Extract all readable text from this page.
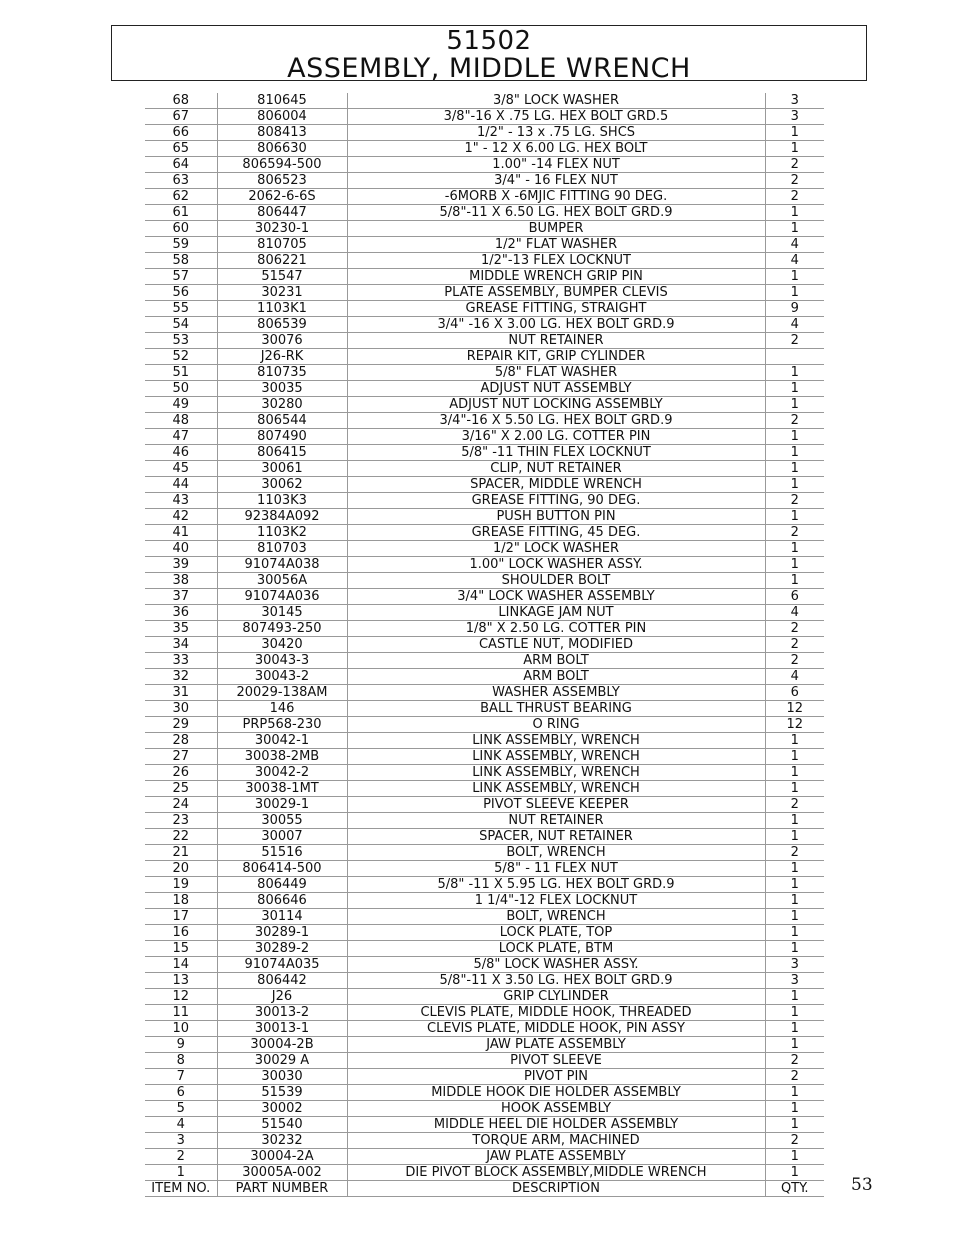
51502
ASSEMBLY, MIDDLE WRENCH
68	810645	3/8" LOCK WASHER	3
67	806004	3/8"-16 X .75 LG. HEX BOLT GRD.5	3
66	808413	1/2" - 13 x .75 LG. SHCS	1
65	806630	1" - 12 X 6.00 LG. HEX BOLT	1
64	806594-500	1.00" -14 FLEX NUT	2
63	806523	3/4" - 16 FLEX NUT	2
62	2062-6-6S	-6MORB X -6MJIC FITTING 90 DEG.	2
61	806447	5/8"-11 X 6.50 LG. HEX BOLT GRD.9	1
60	30230-1	BUMPER	1
59	810705	1/2" FLAT WASHER	4
58	806221	1/2"-13 FLEX LOCKNUT	4
57	51547	MIDDLE WRENCH GRIP PIN	1
56	30231	PLATE ASSEMBLY, BUMPER CLEVIS	1
55	1103K1	GREASE FITTING, STRAIGHT	9
54	806539	3/4" -16 X 3.00 LG. HEX BOLT GRD.9	4
53	30076	NUT RETAINER	2
52	J26-RK	REPAIR KIT, GRIP CYLINDER	
51	810735	5/8" FLAT WASHER	1
50	30035	ADJUST NUT ASSEMBLY	1
49	30280	ADJUST NUT LOCKING ASSEMBLY	1
48	806544	3/4"-16 X 5.50 LG. HEX BOLT GRD.9	2
47	807490	3/16" X 2.00 LG. COTTER PIN	1
46	806415	5/8" -11 THIN FLEX LOCKNUT	1
45	30061	CLIP, NUT RETAINER	1
44	30062	SPACER, MIDDLE WRENCH	1
43	1103K3	GREASE FITTING, 90 DEG.	2
42	92384A092	PUSH BUTTON PIN	1
41	1103K2	GREASE FITTING, 45 DEG.	2
40	810703	1/2" LOCK WASHER	1
39	91074A038	1.00" LOCK WASHER ASSY.	1
38	30056A	SHOULDER BOLT	1
37	91074A036	3/4" LOCK WASHER ASSEMBLY	6
36	30145	LINKAGE JAM NUT	4
35	807493-250	1/8" X 2.50 LG. COTTER PIN	2
34	30420	CASTLE NUT, MODIFIED	2
33	30043-3	ARM BOLT	2
32	30043-2	ARM BOLT	4
31	20029-138AM	WASHER ASSEMBLY	6
30	146	BALL THRUST BEARING	12
29	PRP568-230	O RING	12
28	30042-1	LINK ASSEMBLY, WRENCH	1
27	30038-2MB	LINK ASSEMBLY, WRENCH	1
26	30042-2	LINK ASSEMBLY, WRENCH	1
25	30038-1MT	LINK ASSEMBLY, WRENCH	1
24	30029-1	PIVOT SLEEVE KEEPER	2
23	30055	NUT RETAINER	1
22	30007	SPACER, NUT RETAINER	1
21	51516	BOLT, WRENCH	2
20	806414-500	5/8" - 11 FLEX NUT	1
19	806449	5/8" -11 X 5.95 LG. HEX BOLT GRD.9	1
18	806646	1 1/4"-12 FLEX LOCKNUT	1
17	30114	BOLT, WRENCH	1
16	30289-1	LOCK PLATE, TOP	1
15	30289-2	LOCK PLATE, BTM	1
14	91074A035	5/8" LOCK WASHER ASSY.	3
13	806442	5/8"-11 X 3.50 LG. HEX BOLT GRD.9	3
12	J26	GRIP CLYLINDER	1
11	30013-2	CLEVIS PLATE, MIDDLE HOOK, THREADED	1
10	30013-1	CLEVIS PLATE, MIDDLE HOOK, PIN ASSY	1
9	30004-2B	JAW PLATE ASSEMBLY	1
8	30029 A	PIVOT SLEEVE	2
7	30030	PIVOT PIN	2
6	51539	MIDDLE HOOK DIE HOLDER ASSEMBLY	1
5	30002	HOOK ASSEMBLY	1
4	51540	MIDDLE HEEL DIE HOLDER ASSEMBLY	1
3	30232	TORQUE ARM, MACHINED	2
2	30004-2A	JAW PLATE ASSEMBLY	1
1	30005A-002	DIE PIVOT BLOCK ASSEMBLY,MIDDLE WRENCH	1
ITEM NO.	PART NUMBER	DESCRIPTION	QTY. 53
